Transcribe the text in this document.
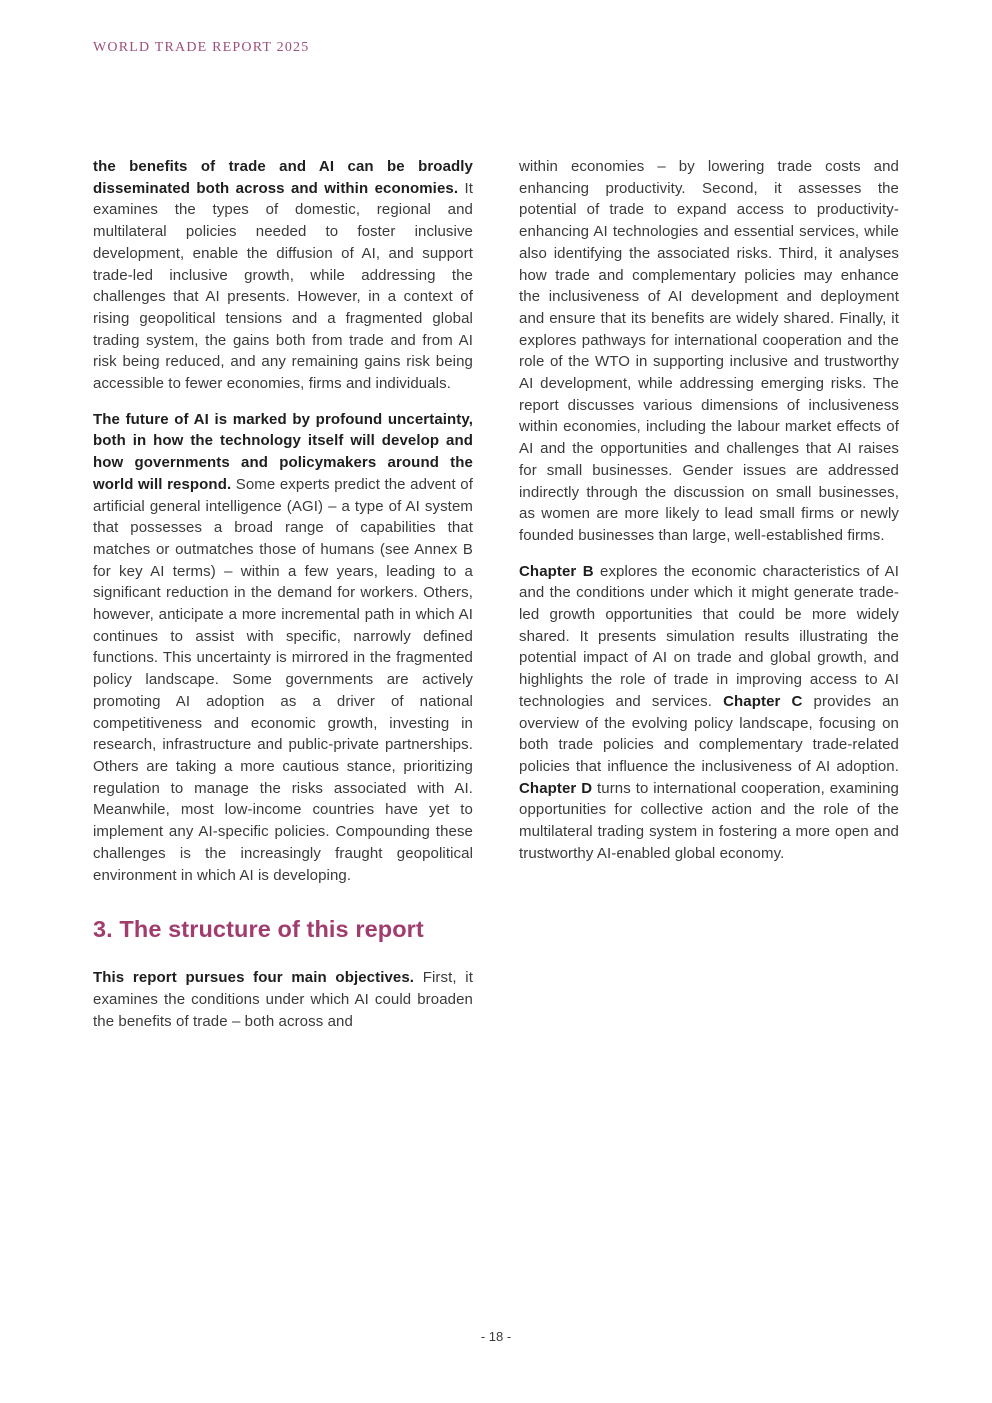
WORLD TRADE REPORT 2025

the benefits of trade and AI can be broadly disseminated both across and within economies. It examines the types of domestic, regional and multilateral policies needed to foster inclusive development, enable the diffusion of AI, and support trade-led inclusive growth, while addressing the challenges that AI presents. However, in a context of rising geopolitical tensions and a fragmented global trading system, the gains both from trade and from AI risk being reduced, and any remaining gains risk being accessible to fewer economies, firms and individuals.

The future of AI is marked by profound uncertainty, both in how the technology itself will develop and how governments and policymakers around the world will respond. Some experts predict the advent of artificial general intelligence (AGI) – a type of AI system that possesses a broad range of capabilities that matches or outmatches those of humans (see Annex B for key AI terms) – within a few years, leading to a significant reduction in the demand for workers. Others, however, anticipate a more incremental path in which AI continues to assist with specific, narrowly defined functions. This uncertainty is mirrored in the fragmented policy landscape. Some governments are actively promoting AI adoption as a driver of national competitiveness and economic growth, investing in research, infrastructure and public-private partnerships. Others are taking a more cautious stance, prioritizing regulation to manage the risks associated with AI. Meanwhile, most low-income countries have yet to implement any AI-specific policies. Compounding these challenges is the increasingly fraught geopolitical environment in which AI is developing.

3. The structure of this report

This report pursues four main objectives. First, it examines the conditions under which AI could broaden the benefits of trade – both across and

within economies – by lowering trade costs and enhancing productivity. Second, it assesses the potential of trade to expand access to productivity-enhancing AI technologies and essential services, while also identifying the associated risks. Third, it analyses how trade and complementary policies may enhance the inclusiveness of AI development and deployment and ensure that its benefits are widely shared. Finally, it explores pathways for international cooperation and the role of the WTO in supporting inclusive and trustworthy AI development, while addressing emerging risks. The report discusses various dimensions of inclusiveness within economies, including the labour market effects of AI and the opportunities and challenges that AI raises for small businesses. Gender issues are addressed indirectly through the discussion on small businesses, as women are more likely to lead small firms or newly founded businesses than large, well-established firms.

Chapter B explores the economic characteristics of AI and the conditions under which it might generate trade-led growth opportunities that could be more widely shared. It presents simulation results illustrating the potential impact of AI on trade and global growth, and highlights the role of trade in improving access to AI technologies and services. Chapter C provides an overview of the evolving policy landscape, focusing on both trade policies and complementary trade-related policies that influence the inclusiveness of AI adoption. Chapter D turns to international cooperation, examining opportunities for collective action and the role of the multilateral trading system in fostering a more open and trustworthy AI-enabled global economy.

- 18 -
